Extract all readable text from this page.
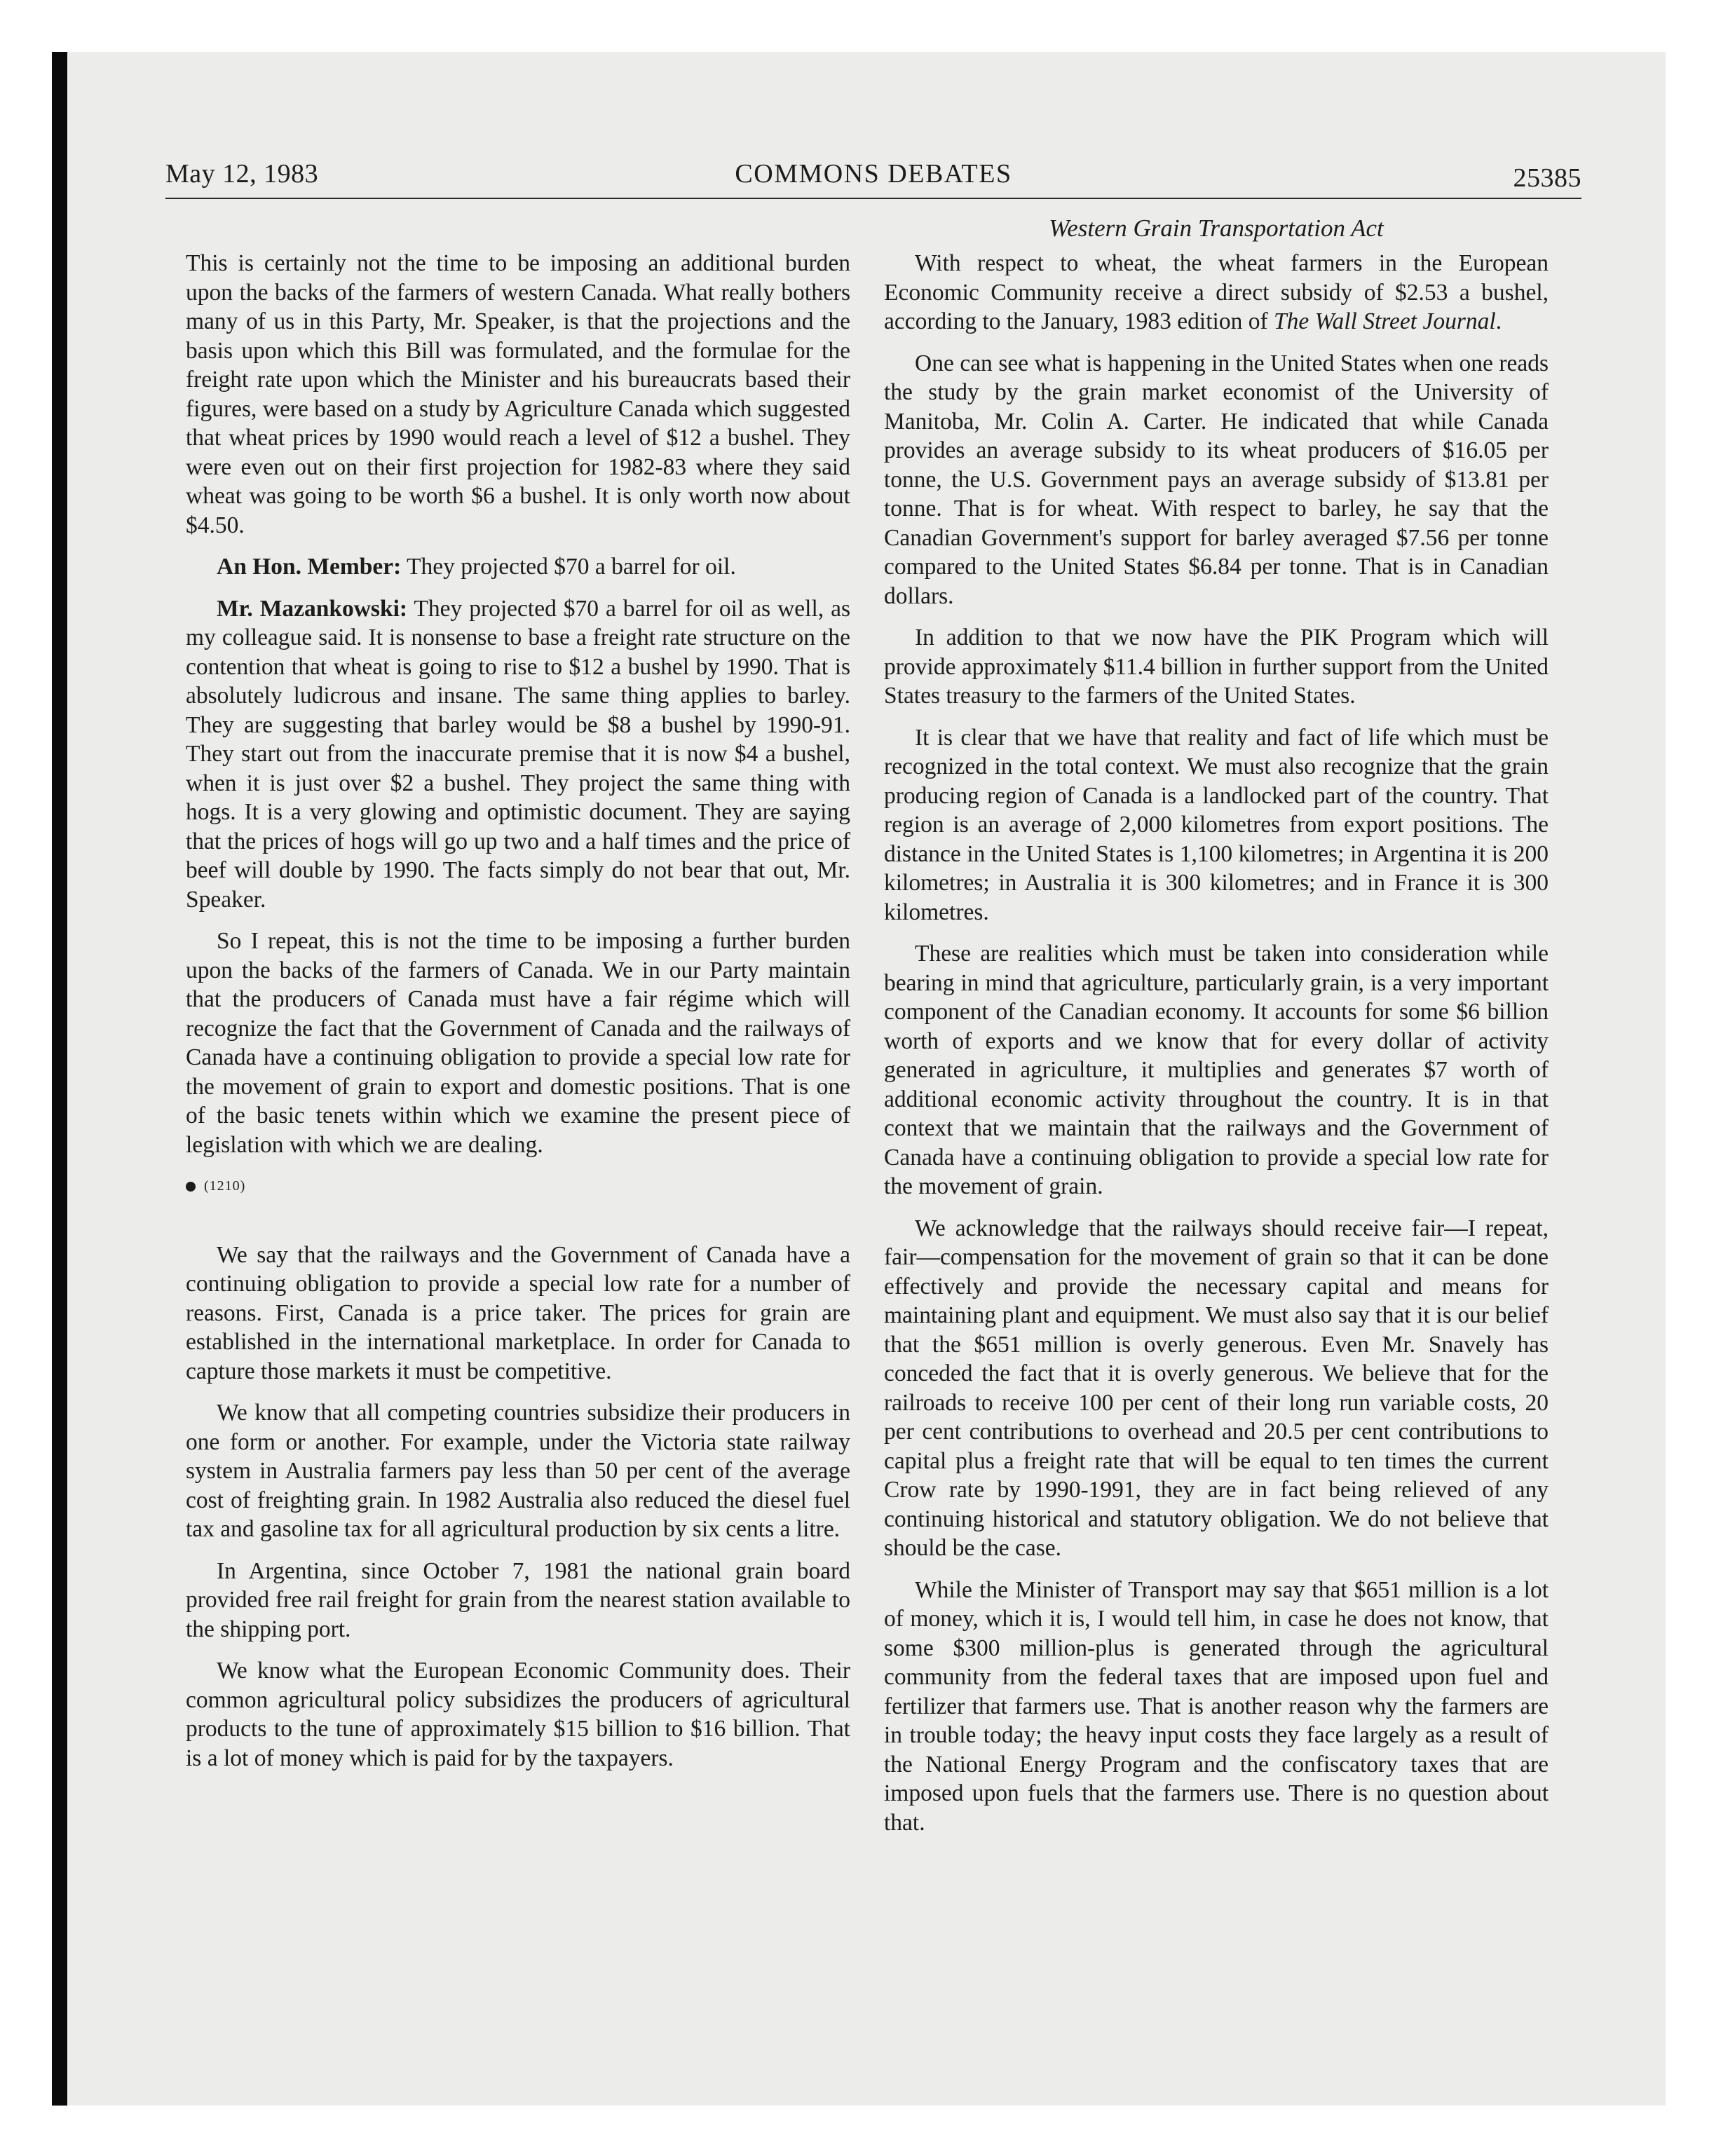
May 12, 1983	COMMONS DEBATES	25385
Western Grain Transportation Act

This is certainly not the time to be imposing an additional burden upon the backs of the farmers of western Canada. What really bothers many of us in this Party, Mr. Speaker, is that the projections and the basis upon which this Bill was formulated, and the formulae for the freight rate upon which the Minister and his bureaucrats based their figures, were based on a study by Agriculture Canada which suggested that wheat prices by 1990 would reach a level of $12 a bushel. They were even out on their first projection for 1982-83 where they said wheat was going to be worth $6 a bushel. It is only worth now about $4.50.

An Hon. Member: They projected $70 a barrel for oil.

Mr. Mazankowski: They projected $70 a barrel for oil as well, as my colleague said. It is nonsense to base a freight rate structure on the contention that wheat is going to rise to $12 a bushel by 1990. That is absolutely ludicrous and insane. The same thing applies to barley. They are suggesting that barley would be $8 a bushel by 1990-91. They start out from the inaccurate premise that it is now $4 a bushel, when it is just over $2 a bushel. They project the same thing with hogs. It is a very glowing and optimistic document. They are saying that the prices of hogs will go up two and a half times and the price of beef will double by 1990. The facts simply do not bear that out, Mr. Speaker.

So I repeat, this is not the time to be imposing a further burden upon the backs of the farmers of Canada. We in our Party maintain that the producers of Canada must have a fair régime which will recognize the fact that the Government of Canada and the railways of Canada have a continuing obligation to provide a special low rate for the movement of grain to export and domestic positions. That is one of the basic tenets within which we examine the present piece of legislation with which we are dealing.

(1210)

We say that the railways and the Government of Canada have a continuing obligation to provide a special low rate for a number of reasons. First, Canada is a price taker. The prices for grain are established in the international marketplace. In order for Canada to capture those markets it must be competitive.

We know that all competing countries subsidize their producers in one form or another. For example, under the Victoria state railway system in Australia farmers pay less than 50 per cent of the average cost of freighting grain. In 1982 Australia also reduced the diesel fuel tax and gasoline tax for all agricultural production by six cents a litre.

In Argentina, since October 7, 1981 the national grain board provided free rail freight for grain from the nearest station available to the shipping port.

We know what the European Economic Community does. Their common agricultural policy subsidizes the producers of agricultural products to the tune of approximately $15 billion to $16 billion. That is a lot of money which is paid for by the taxpayers.

With respect to wheat, the wheat farmers in the European Economic Community receive a direct subsidy of $2.53 a bushel, according to the January, 1983 edition of The Wall Street Journal.

One can see what is happening in the United States when one reads the study by the grain market economist of the University of Manitoba, Mr. Colin A. Carter. He indicated that while Canada provides an average subsidy to its wheat producers of $16.05 per tonne, the U.S. Government pays an average subsidy of $13.81 per tonne. That is for wheat. With respect to barley, he say that the Canadian Government's support for barley averaged $7.56 per tonne compared to the United States $6.84 per tonne. That is in Canadian dollars.

In addition to that we now have the PIK Program which will provide approximately $11.4 billion in further support from the United States treasury to the farmers of the United States.

It is clear that we have that reality and fact of life which must be recognized in the total context. We must also recognize that the grain producing region of Canada is a landlocked part of the country. That region is an average of 2,000 kilometres from export positions. The distance in the United States is 1,100 kilometres; in Argentina it is 200 kilometres; in Australia it is 300 kilometres; and in France it is 300 kilometres.

These are realities which must be taken into consideration while bearing in mind that agriculture, particularly grain, is a very important component of the Canadian economy. It accounts for some $6 billion worth of exports and we know that for every dollar of activity generated in agriculture, it multiplies and generates $7 worth of additional economic activity throughout the country. It is in that context that we maintain that the railways and the Government of Canada have a continuing obligation to provide a special low rate for the movement of grain.

We acknowledge that the railways should receive fair—I repeat, fair—compensation for the movement of grain so that it can be done effectively and provide the necessary capital and means for maintaining plant and equipment. We must also say that it is our belief that the $651 million is overly generous. Even Mr. Snavely has conceded the fact that it is overly generous. We believe that for the railroads to receive 100 per cent of their long run variable costs, 20 per cent contributions to overhead and 20.5 per cent contributions to capital plus a freight rate that will be equal to ten times the current Crow rate by 1990-1991, they are in fact being relieved of any continuing historical and statutory obligation. We do not believe that should be the case.

While the Minister of Transport may say that $651 million is a lot of money, which it is, I would tell him, in case he does not know, that some $300 million-plus is generated through the agricultural community from the federal taxes that are imposed upon fuel and fertilizer that farmers use. That is another reason why the farmers are in trouble today; the heavy input costs they face largely as a result of the National Energy Program and the confiscatory taxes that are imposed upon fuels that the farmers use. There is no question about that.
